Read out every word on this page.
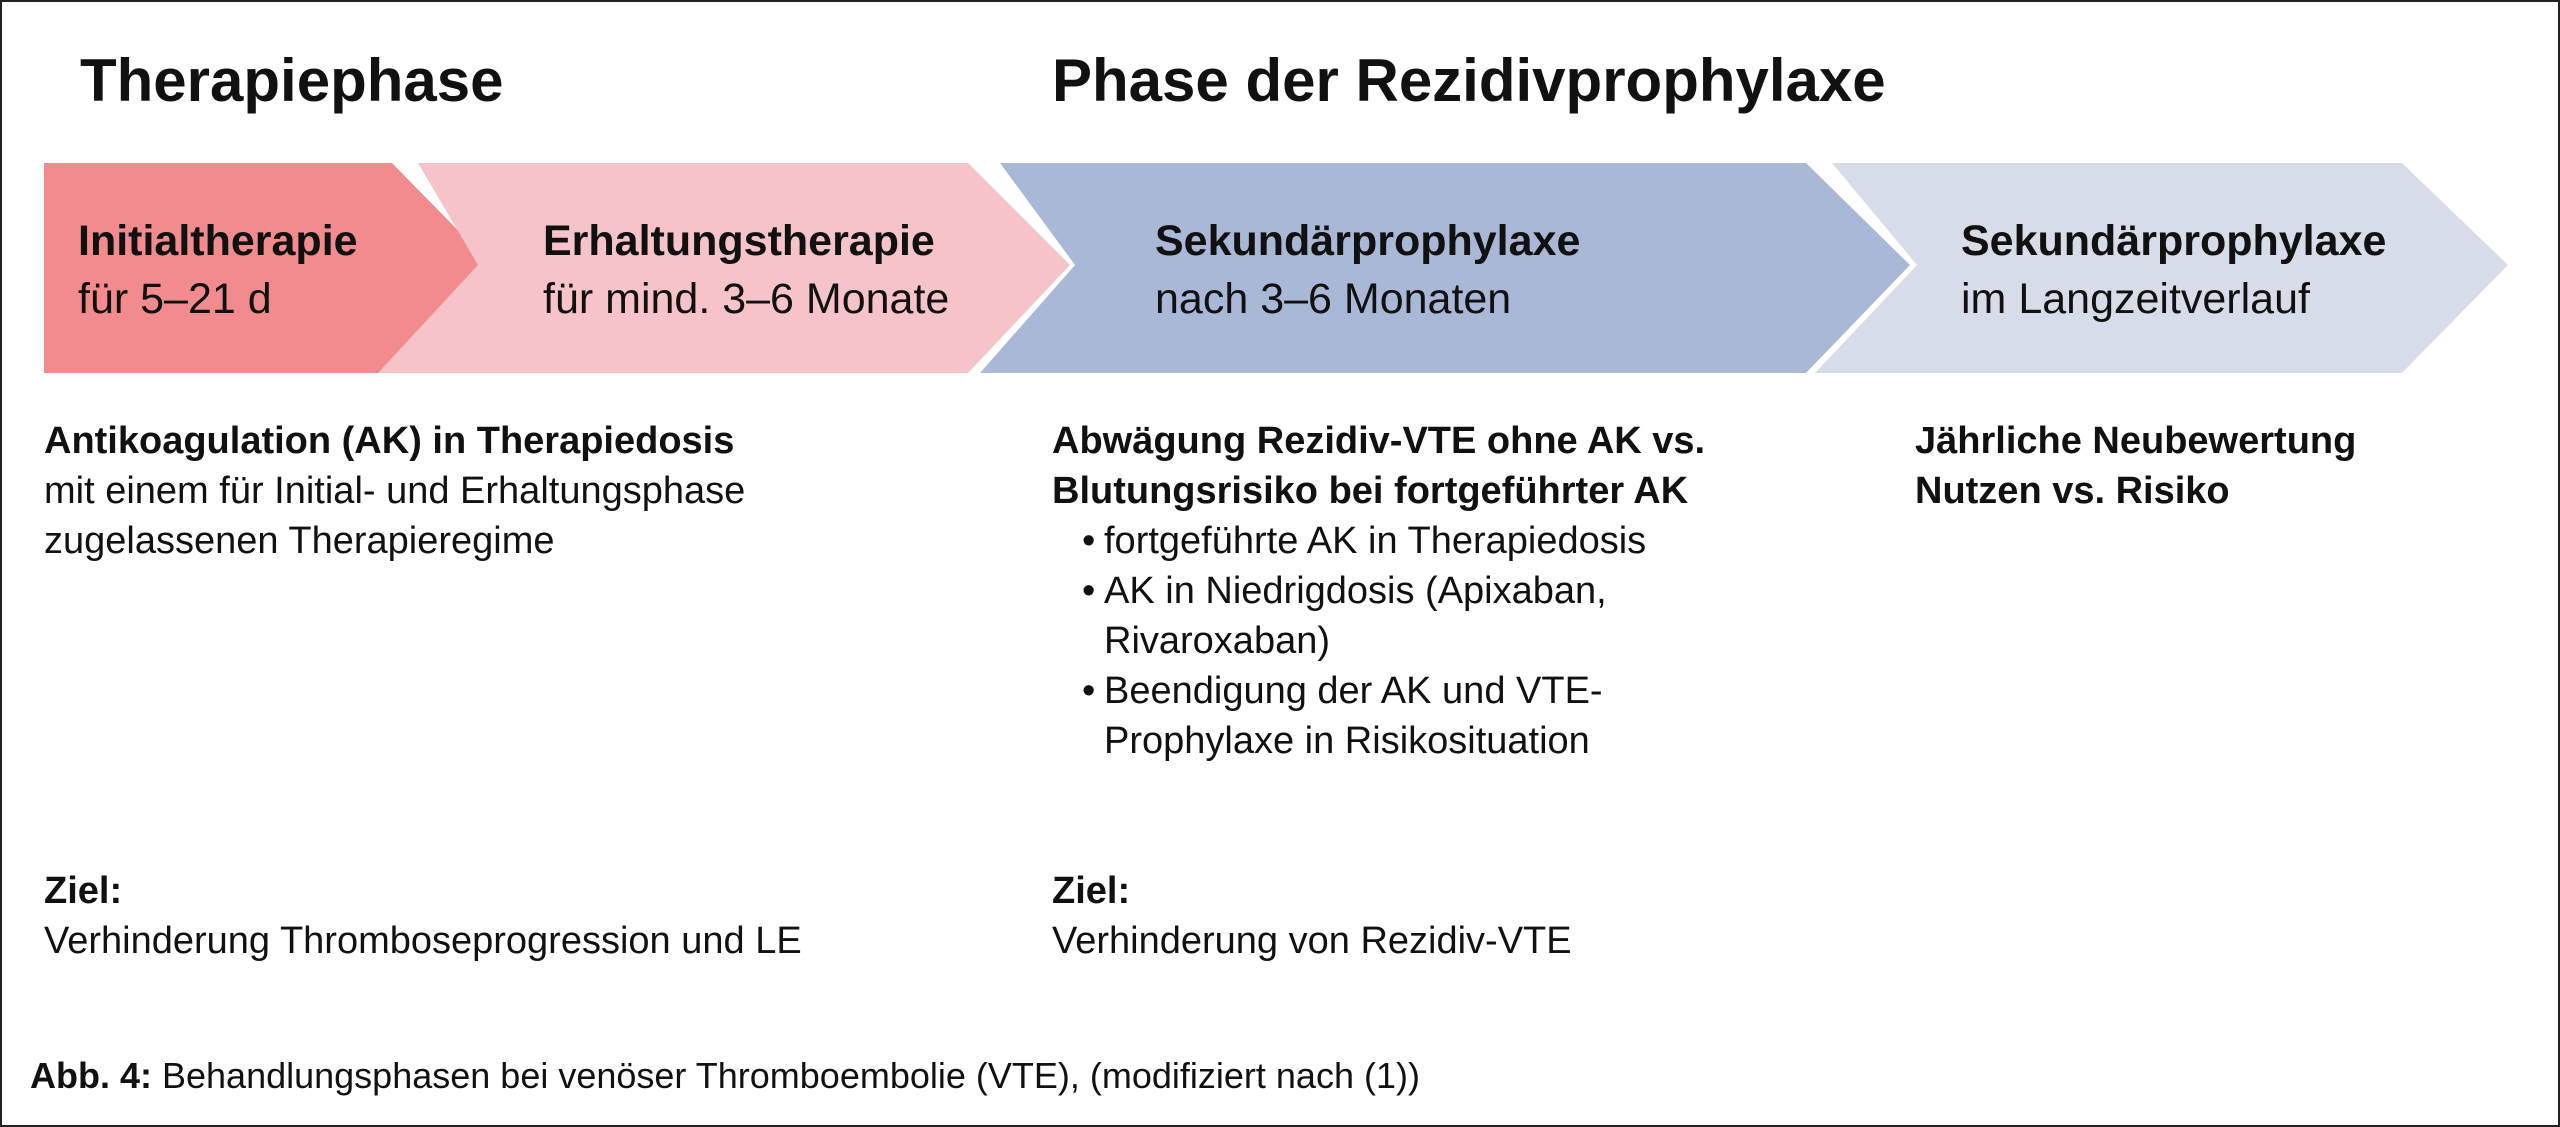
Therapiephase	Phase der Rezidivprophylaxe
Initialtherapie
für 5–21 d
Erhaltungstherapie
für mind. 3–6 Monate
Sekundärprophylaxe
nach 3–6 Monaten
Sekundärprophylaxe
im Langzeitverlauf
Antikoagulation (AK) in Therapiedosis
mit einem für Initial- und Erhaltungsphase
zugelassenen Therapieregime
Abwägung Rezidiv-VTE ohne AK vs.
Blutungsrisiko bei fortgeführter AK
• fortgeführte AK in Therapiedosis
• AK in Niedrigdosis (Apixaban,
Rivaroxaban)
• Beendigung der AK und VTE-
Prophylaxe in Risikosituation
Jährliche Neubewertung
Nutzen vs. Risiko
Ziel:
Verhinderung Thromboseprogression und LE
Ziel:
Verhinderung von Rezidiv-VTE
Abb. 4: Behandlungsphasen bei venöser Thromboembolie (VTE), (modifiziert nach (1))
